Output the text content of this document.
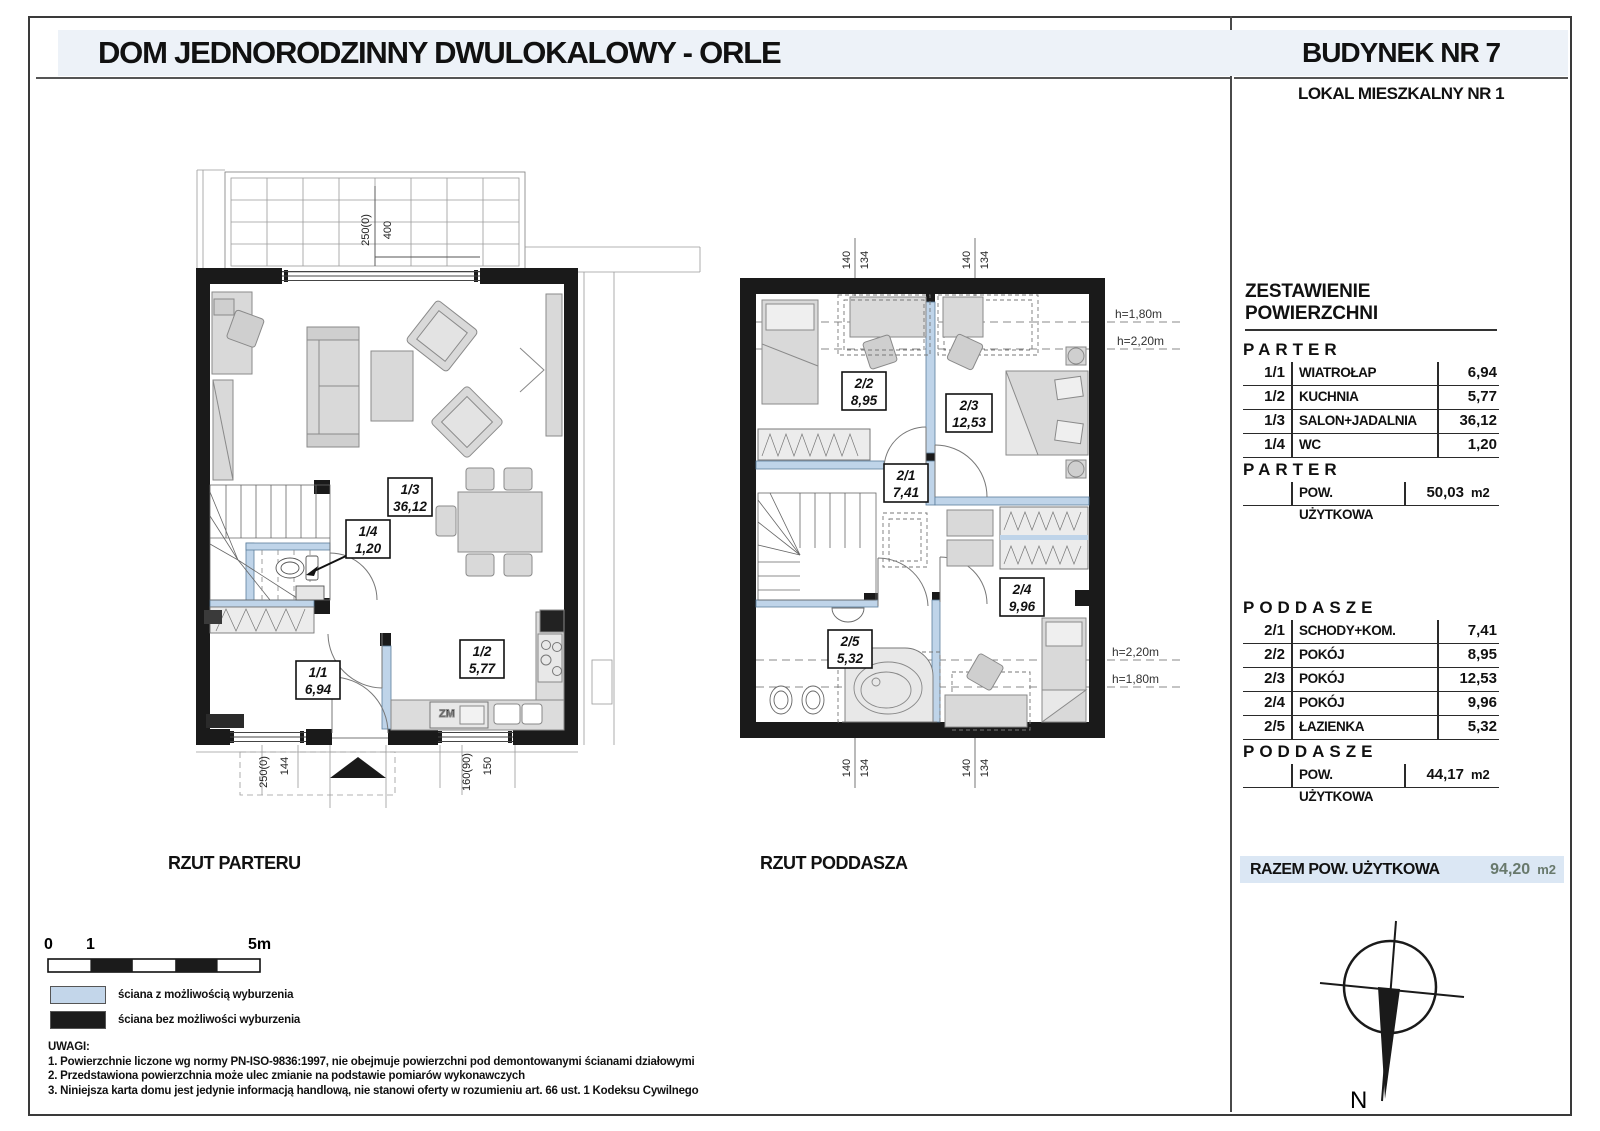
DOM JEDNORODZINNY DWULOKALOWY - ORLE	BUDYNEK NR 7
LOKAL MIESZKALNY NR 1
250(0) 400
ZM
1/3
36,12
1/4
1,20
1/1
6,94
1/2
5,77
250(0) 144	160(90) 150
140 134	140 134
140 134	140 134
h=1,80m
h=2,20m
h=2,20m
h=1,80m
2/2
8,95	2/3
12,53
2/1
7,41
2/4
9,96
2/5
5,32
RZUT PARTERU	RZUT PODDASZA
ZESTAWIENIE POWIERZCHNI
PARTER
1/1	WIATROŁAP	6,94
1/2	KUCHNIA	5,77
1/3	SALON+JADALNIA	36,12
1/4	WC	1,20
PARTER
POW. UŻYTKOWA
50,03 m2
PODDASZE
2/1	SCHODY+KOM.	7,41
2/2	POKÓJ	8,95
2/3	POKÓJ	12,53
2/4	POKÓJ	9,96
2/5	ŁAZIENKA	5,32
PODDASZE
POW. UŻYTKOWA
44,17 m2
RAZEM POW. UŻYTKOWA	94,20 m2
0 1	5m
ściana z możliwością wyburzenia
ściana bez możliwości wyburzenia
UWAGI:
1. Powierzchnie liczone wg normy PN-ISO-9836:1997, nie obejmuje powierzchni pod demontowanymi ścianami działowymi
2. Przedstawiona powierzchnia może ulec zmianie na podstawie pomiarów wykonawczych
3. Niniejsza karta domu jest jedynie informacją handlową, nie stanowi oferty w rozumieniu art. 66 ust. 1 Kodeksu Cywilnego	N
